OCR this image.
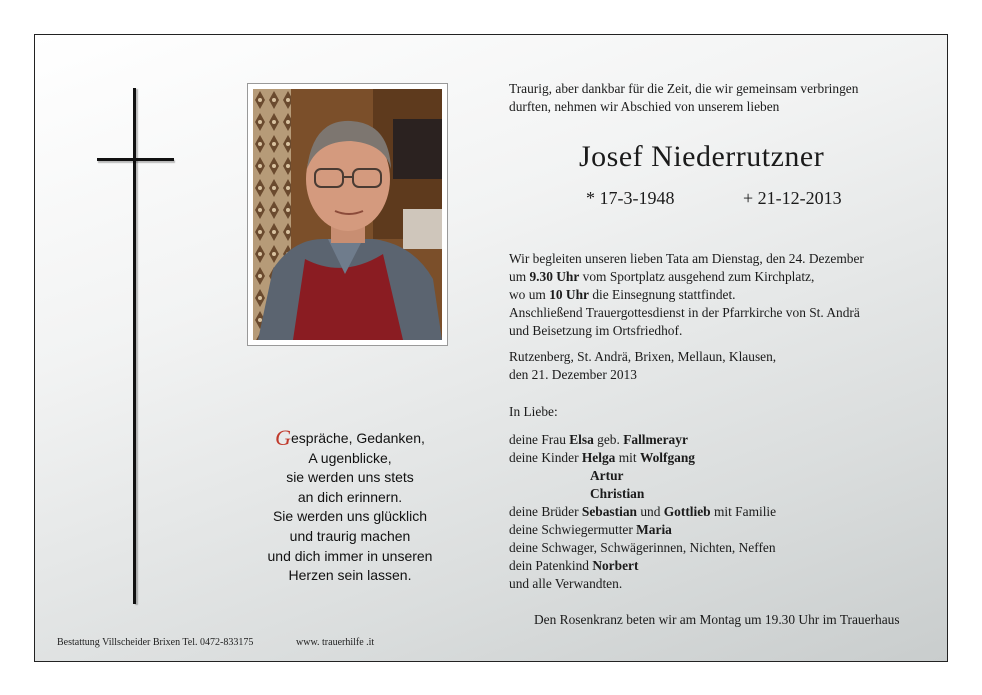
Gespräche, Gedanken,
A ugenblicke,
sie werden uns stets
an dich erinnern.
Sie werden uns glücklich
und traurig machen
und dich immer in unseren
Herzen sein lassen.
Traurig, aber dankbar für die Zeit, die wir gemeinsam verbringen
durften, nehmen wir Abschied von unserem lieben
Josef Niederrutzner
* 17-3-1948	+ 21-12-2013
Wir begleiten unseren lieben Tata am Dienstag, den 24. Dezember
um 9.30 Uhr vom Sportplatz ausgehend zum Kirchplatz,
wo um 10 Uhr die Einsegnung stattfindet.
Anschließend Trauergottesdienst in der Pfarrkirche von St. Andrä
und Beisetzung im Ortsfriedhof.
Rutzenberg, St. Andrä, Brixen, Mellaun, Klausen,
den 21. Dezember 2013
In Liebe:
deine Frau Elsa geb. Fallmerayr
deine Kinder Helga mit Wolfgang
Artur
Christian
deine Brüder Sebastian und Gottlieb mit Familie
deine Schwiegermutter Maria
deine Schwager, Schwägerinnen, Nichten, Neffen
dein Patenkind Norbert
und alle Verwandten.
Den Rosenkranz beten wir am Montag um 19.30 Uhr im Trauerhaus
Bestattung Villscheider Brixen Tel. 0472-833175	www. trauerhilfe .it
